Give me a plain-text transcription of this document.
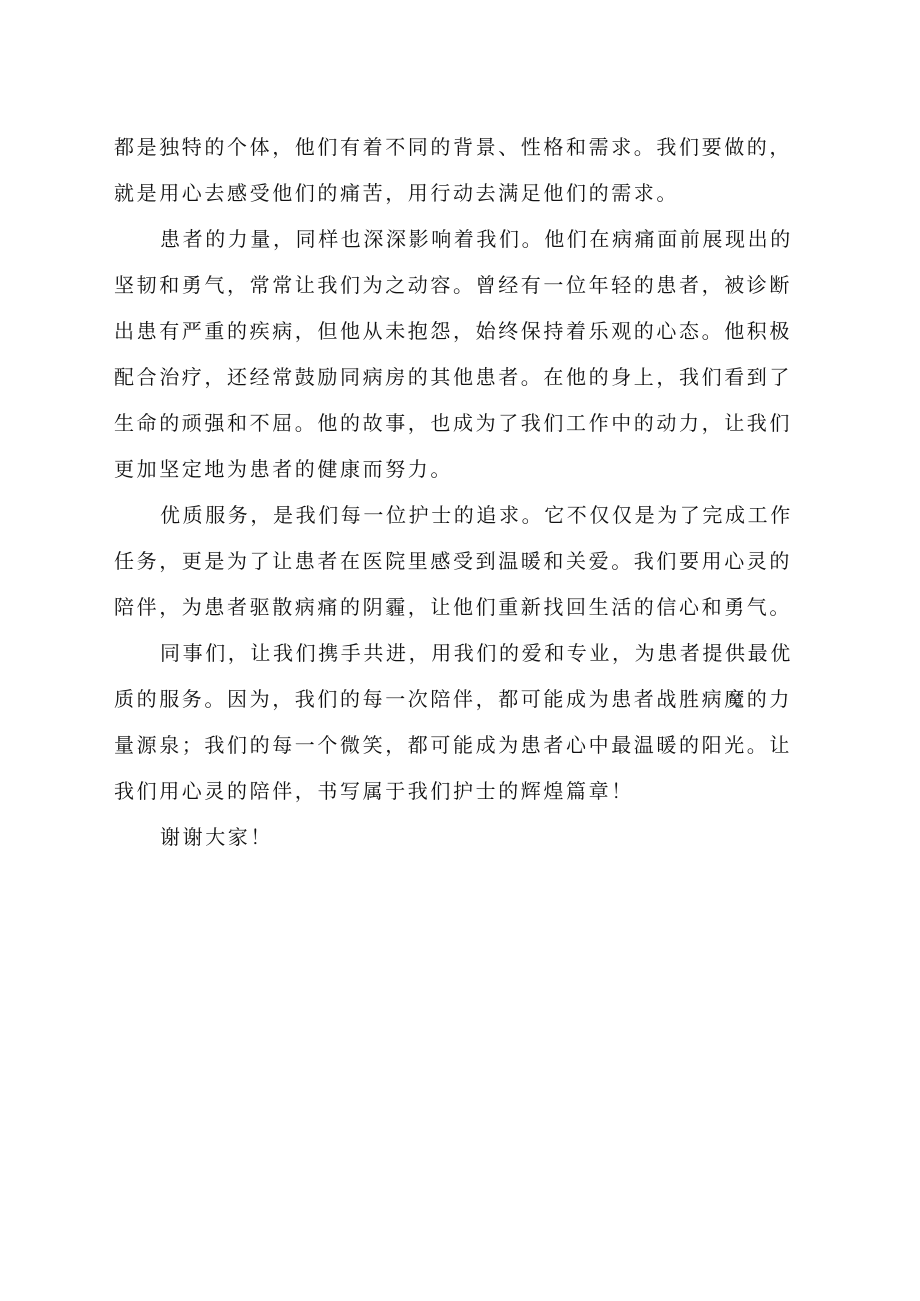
都是独特的个体，他们有着不同的背景、性格和需求。我们要做的，
就是用心去感受他们的痛苦，用行动去满足他们的需求。

患者的力量，同样也深深影响着我们。他们在病痛面前展现出的
坚韧和勇气，常常让我们为之动容。曾经有一位年轻的患者，被诊断
出患有严重的疾病，但他从未抱怨，始终保持着乐观的心态。他积极
配合治疗，还经常鼓励同病房的其他患者。在他的身上，我们看到了
生命的顽强和不屈。他的故事，也成为了我们工作中的动力，让我们
更加坚定地为患者的健康而努力。

优质服务，是我们每一位护士的追求。它不仅仅是为了完成工作
任务，更是为了让患者在医院里感受到温暖和关爱。我们要用心灵的
陪伴，为患者驱散病痛的阴霾，让他们重新找回生活的信心和勇气。

同事们，让我们携手共进，用我们的爱和专业，为患者提供最优
质的服务。因为，我们的每一次陪伴，都可能成为患者战胜病魔的力
量源泉；我们的每一个微笑，都可能成为患者心中最温暖的阳光。让
我们用心灵的陪伴，书写属于我们护士的辉煌篇章！

谢谢大家！
